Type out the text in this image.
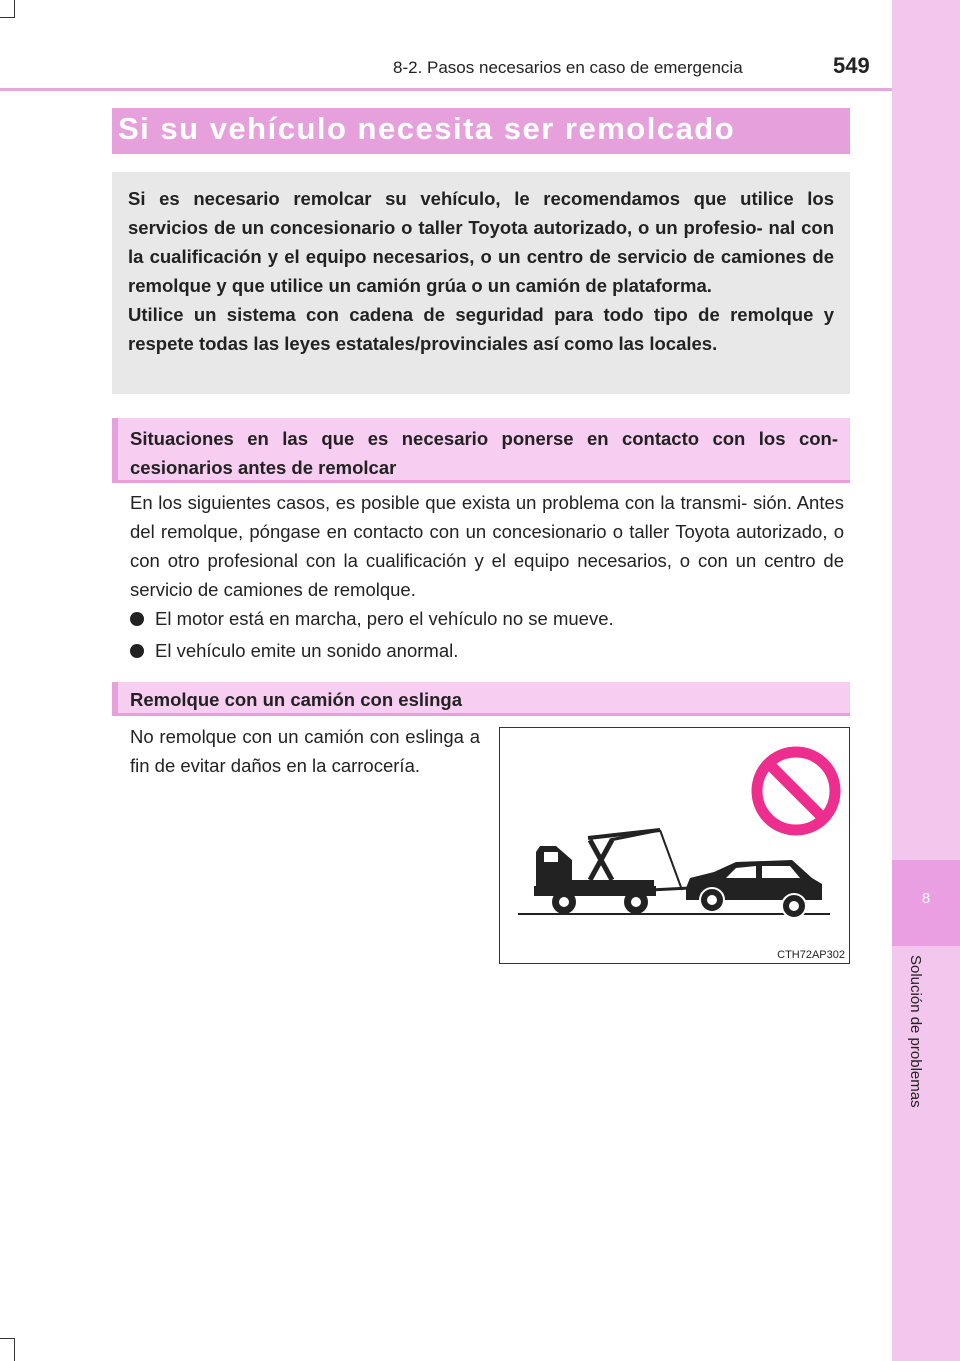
8
Solución de problemas
8-2. Pasos necesarios en caso de emergencia	549
Si su vehículo necesita ser remolcado

Si es necesario remolcar su vehículo, le recomendamos que utilice los servicios de un concesionario o taller Toyota autorizado, o un profesio- nal con la cualificación y el equipo necesarios, o un centro de servicio de camiones de remolque y que utilice un camión grúa o un camión de plataforma.

Utilice un sistema con cadena de seguridad para todo tipo de remolque y respete todas las leyes estatales/provinciales así como las locales.

Situaciones en las que es necesario ponerse en contacto con los con- cesionarios antes de remolcar
En los siguientes casos, es posible que exista un problema con la transmi- sión. Antes del remolque, póngase en contacto con un concesionario o taller Toyota autorizado, o con otro profesional con la cualificación y el equipo necesarios, o con un centro de servicio de camiones de remolque.
El motor está en marcha, pero el vehículo no se mueve.
El vehículo emite un sonido anormal.
Remolque con un camión con eslinga
No remolque con un camión con eslinga a fin de evitar daños en la carrocería.
CTH72AP302
